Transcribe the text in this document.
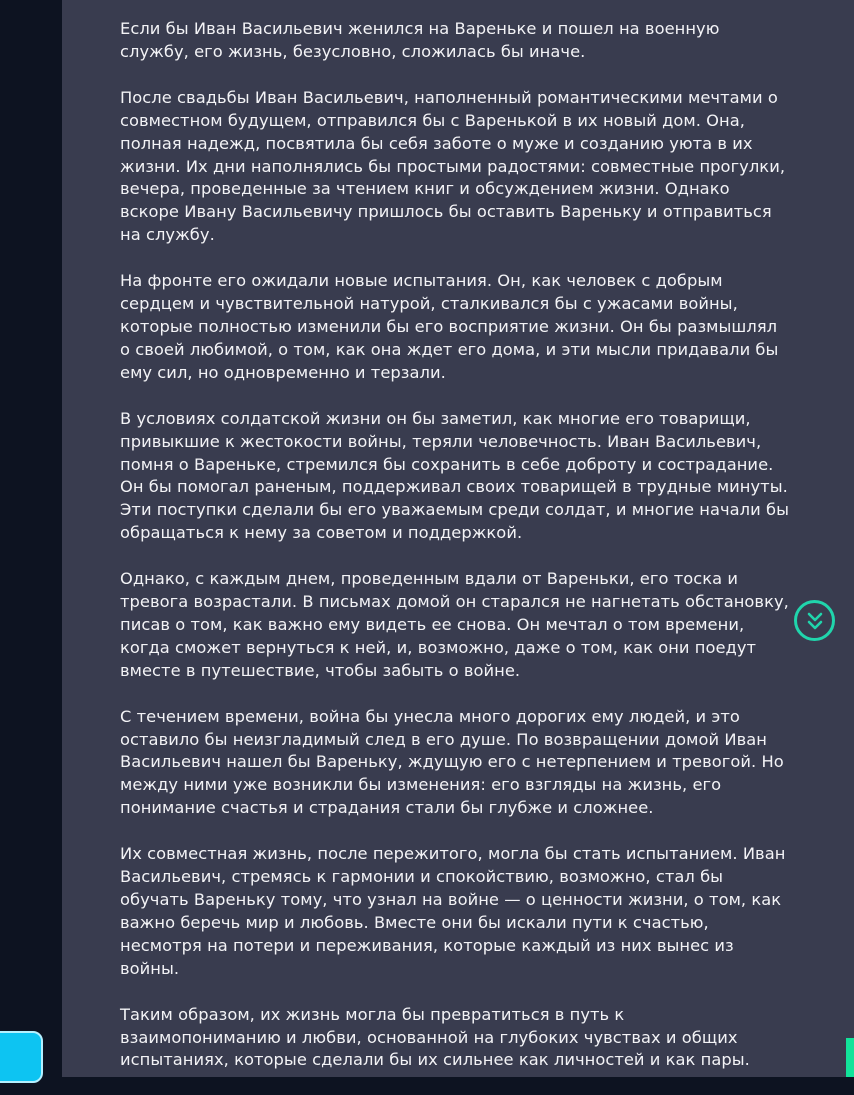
Если бы Иван Васильевич женился на Вареньке и пошел на военную службу, его жизнь, безусловно, сложилась бы иначе.

После свадьбы Иван Васильевич, наполненный романтическими мечтами о совместном будущем, отправился бы с Варенькой в их новый дом. Она, полная надежд, посвятила бы себя заботе о муже и созданию уюта в их жизни. Их дни наполнялись бы простыми радостями: совместные прогулки, вечера, проведенные за чтением книг и обсуждением жизни. Однако вскоре Ивану Васильевичу пришлось бы оставить Вареньку и отправиться на службу.

На фронте его ожидали новые испытания. Он, как человек с добрым сердцем и чувствительной натурой, сталкивался бы с ужасами войны, которые полностью изменили бы его восприятие жизни. Он бы размышлял о своей любимой, о том, как она ждет его дома, и эти мысли придавали бы ему сил, но одновременно и терзали.

В условиях солдатской жизни он бы заметил, как многие его товарищи, привыкшие к жестокости войны, теряли человечность. Иван Васильевич, помня о Вареньке, стремился бы сохранить в себе доброту и сострадание. Он бы помогал раненым, поддерживал своих товарищей в трудные минуты. Эти поступки сделали бы его уважаемым среди солдат, и многие начали бы обращаться к нему за советом и поддержкой.

Однако, с каждым днем, проведенным вдали от Вареньки, его тоска и тревога возрастали. В письмах домой он старался не нагнетать обстановку, писав о том, как важно ему видеть ее снова. Он мечтал о том времени, когда сможет вернуться к ней, и, возможно, даже о том, как они поедут вместе в путешествие, чтобы забыть о войне.

С течением времени, война бы унесла много дорогих ему людей, и это оставило бы неизгладимый след в его душе. По возвращении домой Иван Васильевич нашел бы Вареньку, ждущую его с нетерпением и тревогой. Но между ними уже возникли бы изменения: его взгляды на жизнь, его понимание счастья и страдания стали бы глубже и сложнее.

Их совместная жизнь, после пережитого, могла бы стать испытанием. Иван Васильевич, стремясь к гармонии и спокойствию, возможно, стал бы обучать Вареньку тому, что узнал на войне — о ценности жизни, о том, как важно беречь мир и любовь. Вместе они бы искали пути к счастью, несмотря на потери и переживания, которые каждый из них вынес из войны.

Таким образом, их жизнь могла бы превратиться в путь к взаимопониманию и любви, основанной на глубоких чувствах и общих испытаниях, которые сделали бы их сильнее как личностей и как пары.
